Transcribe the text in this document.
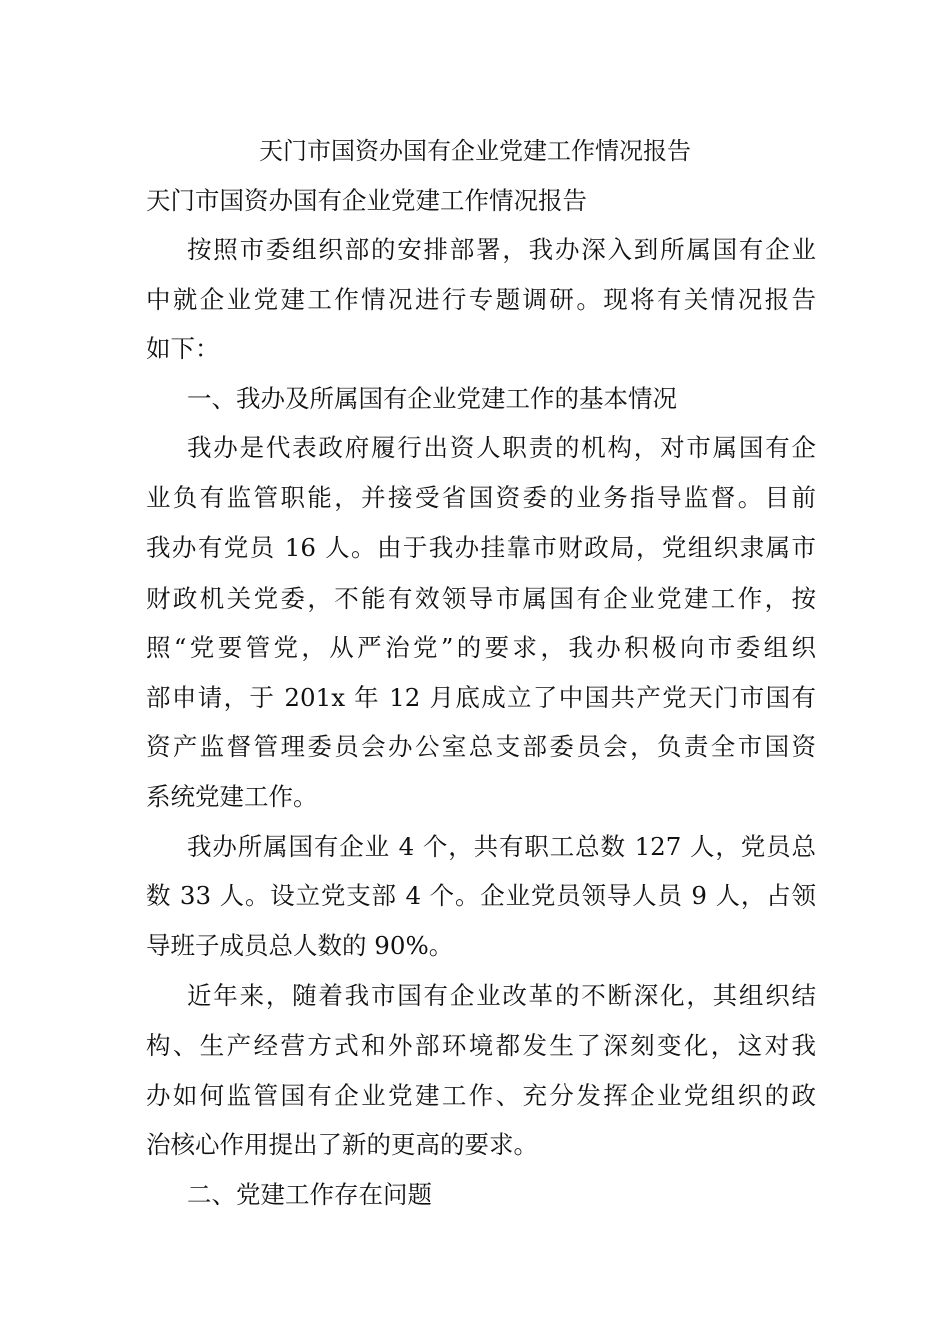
天门市国资办国有企业党建工作情况报告
天门市国资办国有企业党建工作情况报告
按照市委组织部的安排部署，我办深入到所属国有企业
中就企业党建工作情况进行专题调研。现将有关情况报告
如下：
一、我办及所属国有企业党建工作的基本情况
我办是代表政府履行出资人职责的机构，对市属国有企
业负有监管职能，并接受省国资委的业务指导监督。目前
我办有党员 16 人。由于我办挂靠市财政局，党组织隶属市
财政机关党委，不能有效领导市属国有企业党建工作，按
照“党要管党，从严治党”的要求，我办积极向市委组织
部申请，于 201x 年 12 月底成立了中国共产党天门市国有
资产监督管理委员会办公室总支部委员会，负责全市国资
系统党建工作。
我办所属国有企业 4 个，共有职工总数 127 人，党员总
数 33 人。设立党支部 4 个。企业党员领导人员 9 人，占领
导班子成员总人数的 90%。
近年来，随着我市国有企业改革的不断深化，其组织结
构、生产经营方式和外部环境都发生了深刻变化，这对我
办如何监管国有企业党建工作、充分发挥企业党组织的政
治核心作用提出了新的更高的要求。
二、党建工作存在问题
